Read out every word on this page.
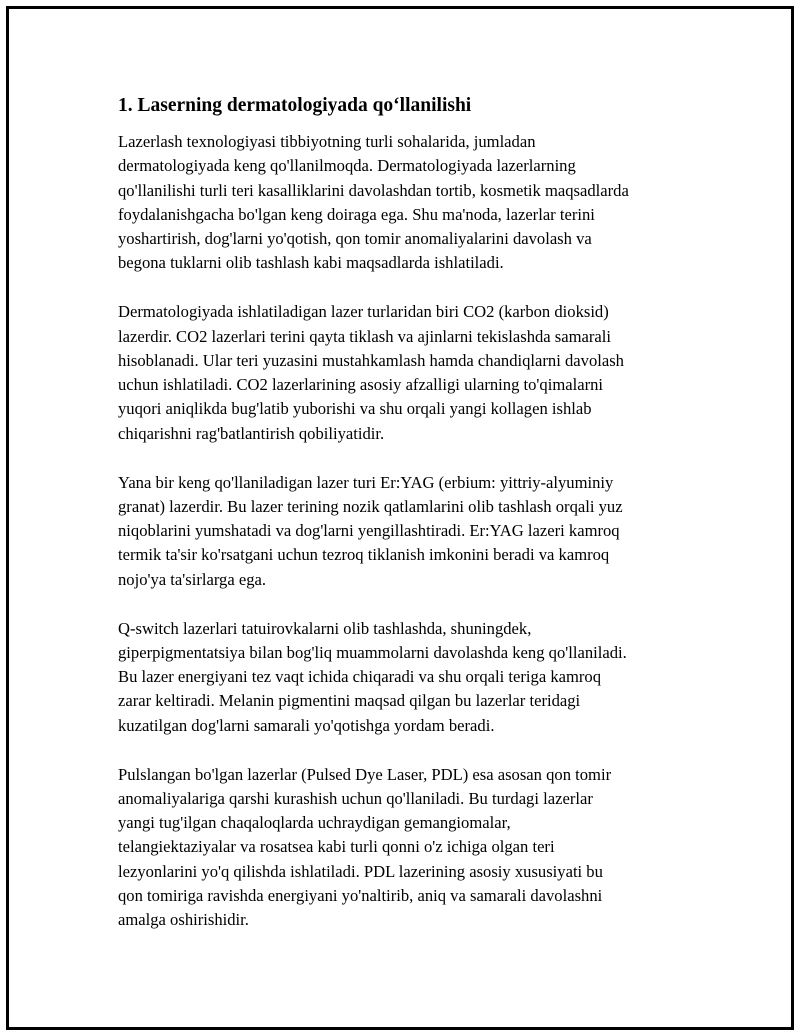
1. Laserning dermatologiyada qo‘llanilishi

Lazerlash texnologiyasi tibbiyotning turli sohalarida, jumladan
dermatologiyada keng qo'llanilmoqda. Dermatologiyada lazerlarning
qo'llanilishi turli teri kasalliklarini davolashdan tortib, kosmetik maqsadlarda
foydalanishgacha bo'lgan keng doiraga ega. Shu ma'noda, lazerlar terini
yoshartirish, dog'larni yo'qotish, qon tomir anomaliyalarini davolash va
begona tuklarni olib tashlash kabi maqsadlarda ishlatiladi.

Dermatologiyada ishlatiladigan lazer turlaridan biri CO2 (karbon dioksid)
lazerdir. CO2 lazerlari terini qayta tiklash va ajinlarni tekislashda samarali
hisoblanadi. Ular teri yuzasini mustahkamlash hamda chandiqlarni davolash
uchun ishlatiladi. CO2 lazerlarining asosiy afzalligi ularning to'qimalarni
yuqori aniqlikda bug'latib yuborishi va shu orqali yangi kollagen ishlab
chiqarishni rag'batlantirish qobiliyatidir.

Yana bir keng qo'llaniladigan lazer turi Er:YAG (erbium: yittriy-alyuminiy
granat) lazerdir. Bu lazer terining nozik qatlamlarini olib tashlash orqali yuz
niqoblarini yumshatadi va dog'larni yengillashtiradi. Er:YAG lazeri kamroq
termik ta'sir ko'rsatgani uchun tezroq tiklanish imkonini beradi va kamroq
nojo'ya ta'sirlarga ega.

Q-switch lazerlari tatuirovkalarni olib tashlashda, shuningdek,
giperpigmentatsiya bilan bog'liq muammolarni davolashda keng qo'llaniladi.
Bu lazer energiyani tez vaqt ichida chiqaradi va shu orqali teriga kamroq
zarar keltiradi. Melanin pigmentini maqsad qilgan bu lazerlar teridagi
kuzatilgan dog'larni samarali yo'qotishga yordam beradi.

Pulslangan bo'lgan lazerlar (Pulsed Dye Laser, PDL) esa asosan qon tomir
anomaliyalariga qarshi kurashish uchun qo'llaniladi. Bu turdagi lazerlar
yangi tug'ilgan chaqaloqlarda uchraydigan gemangiomalar,
telangiektaziyalar va rosatsea kabi turli qonni o'z ichiga olgan teri
lezyonlarini yo'q qilishda ishlatiladi. PDL lazerining asosiy xususiyati bu
qon tomiriga ravishda energiyani yo'naltirib, aniq va samarali davolashni
amalga oshirishidir.
